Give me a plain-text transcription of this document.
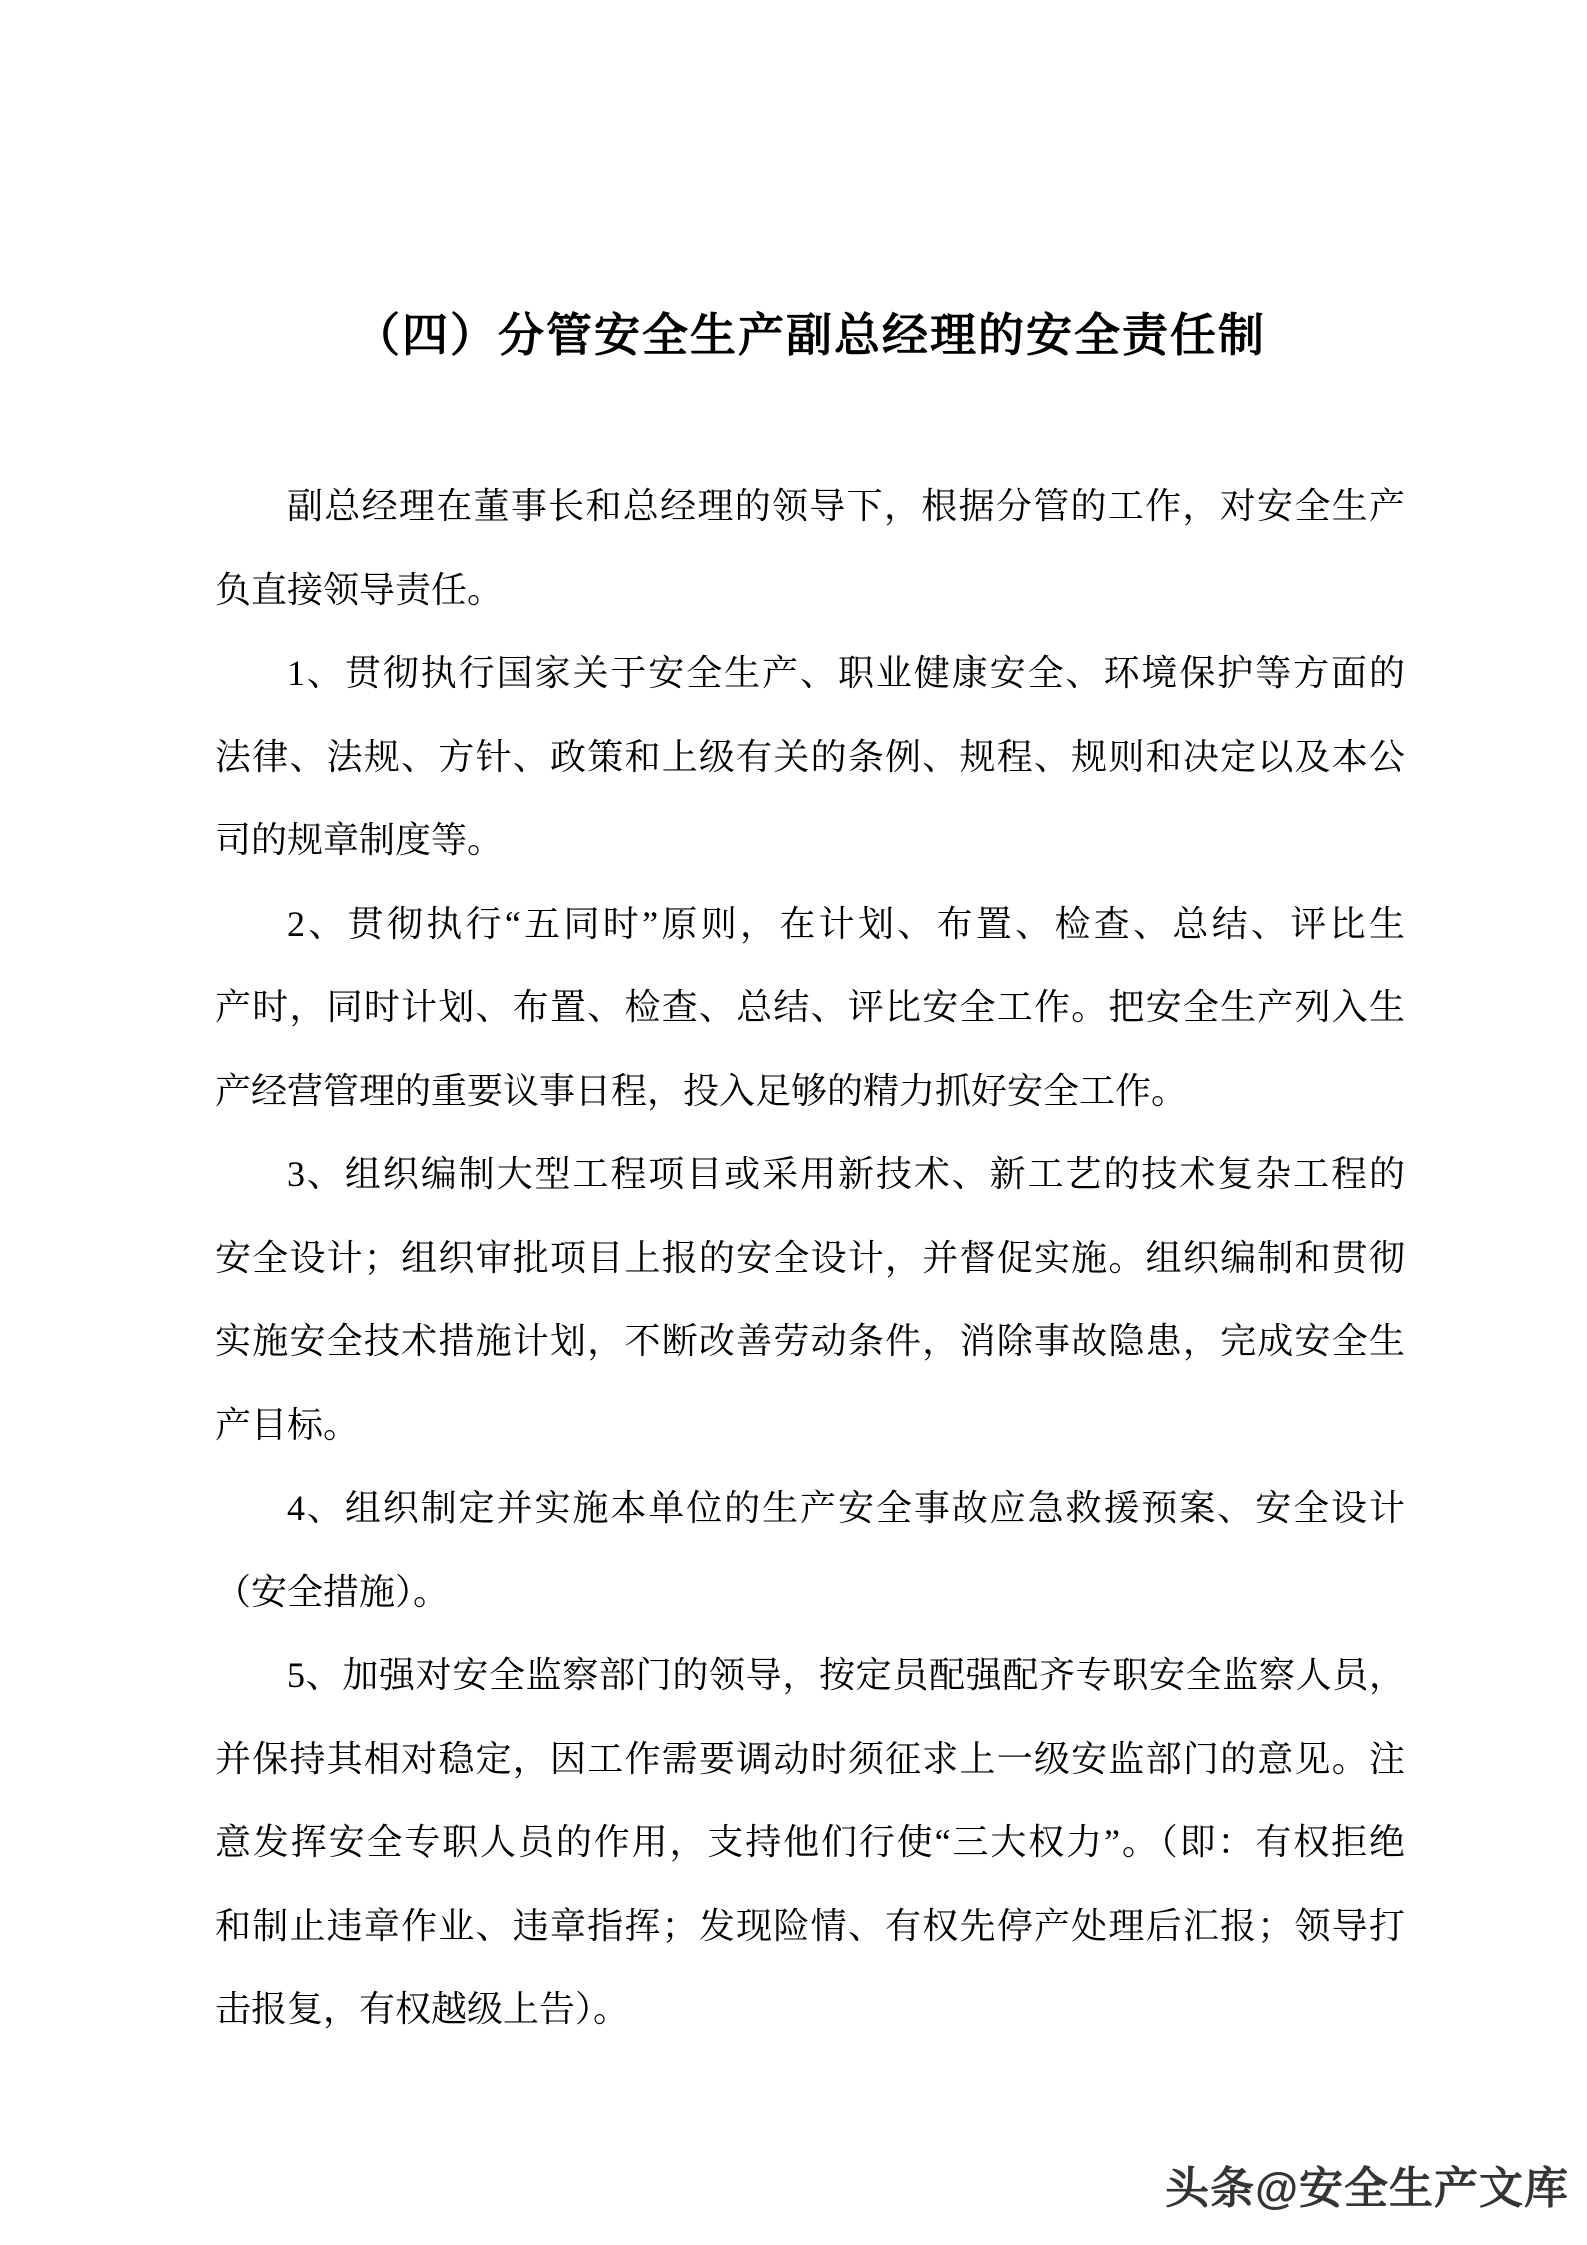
（四）分管安全生产副总经理的安全责任制
副总经理在董事长和总经理的领导下，根据分管的工作，对安全生产
负直接领导责任。
1、贯彻执行国家关于安全生产、职业健康安全、环境保护等方面的
法律、法规、方针、政策和上级有关的条例、规程、规则和决定以及本公
司的规章制度等。
2、贯彻执行“五同时”原则，在计划、布置、检查、总结、评比生
产时，同时计划、布置、检查、总结、评比安全工作。把安全生产列入生
产经营管理的重要议事日程，投入足够的精力抓好安全工作。
3、组织编制大型工程项目或采用新技术、新工艺的技术复杂工程的
安全设计；组织审批项目上报的安全设计，并督促实施。组织编制和贯彻
实施安全技术措施计划，不断改善劳动条件，消除事故隐患，完成安全生
产目标。
4、组织制定并实施本单位的生产安全事故应急救援预案、安全设计
（安全措施）。
5、加强对安全监察部门的领导，按定员配强配齐专职安全监察人员，
并保持其相对稳定，因工作需要调动时须征求上一级安监部门的意见。注
意发挥安全专职人员的作用，支持他们行使“三大权力”。（即：有权拒绝
和制止违章作业、违章指挥；发现险情、有权先停产处理后汇报；领导打
击报复，有权越级上告）。
头条@安全生产文库
